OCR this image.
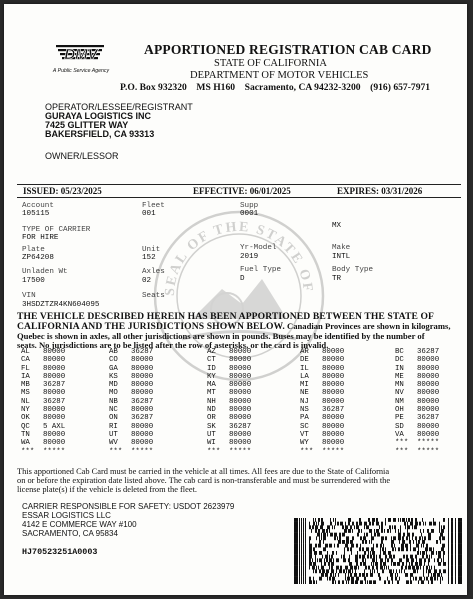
DMV
A Public Service Agency
APPORTIONED REGISTRATION CAB CARD
STATE OF CALIFORNIA
DEPARTMENT OF MOTOR VEHICLES
P.O. Box 932320    MS H160    Sacramento, CA 94232-3200    (916) 657-7971
OPERATOR/LESSEE/REGISTRANT
GURAYA LOGISTICS INC
7425 GLITTER WAY
BAKERSFIELD, CA 93313
OWNER/LESSOR
ISSUED: 05/23/2025	EFFECTIVE: 06/01/2025	EXPIRES: 03/31/2026
SEAL OF THE STATE OF
Account
105115
Fleet
001
Supp
0001
TYPE OF CARRIER
FOR HIRE
MX
Plate
ZP64208
Unit
152
Yr-Model
2019
Make
INTL
Unladen Wt
17500
Axles
02
Fuel Type
D
Body Type
TR
VIN
3HSDZTZR4KN604095
Seats
THE VEHICLE DESCRIBED HEREIN HAS BEEN APPORTIONED BETWEEN THE STATE OF
CALIFORNIA AND THE JURISDICTIONS SHOWN BELOW. Canadian Provinces are shown in kilograms,
Quebec is shown in axles, all other jurisdictions are shown in pounds. Buses may be identified by the number of
seats. No jurisdictions are to be listed after the row of asterisks, or the card is invalid.
AL 80000
CA 80000
FL 80000
IA 80000
MB 36287
MS 80000
NL 36287
NY 80000
OK 80000
QC 5 AXL
TN 80000
WA 80000
*** *****
AB 36287
CO 80000
GA 80000
KS 80000
MD 80000
MO 80000
NB 36287
NC 80000
ON 36287
RI 80000
UT 80000
WV 80000
*** *****
AZ 80000
CT 80000
ID 80000
KY 80000
MA 80000
MT 80000
NH 80000
ND 80000
OR 80000
SK 36287
UT 80000
WI 80000
*** *****
AR 80000
DE 80000
IL 80000
LA 80000
MI 80000
NE 80000
NJ 80000
NS 36287
PA 80000
SC 80000
VT 80000
WY 80000
*** *****
BC 36287
DC 80000
IN 80000
ME 80000
MN 80000
NV 80000
NM 80000
OH 80000
PE 36287
SD 80000
VA 80000
*** *****
*** *****
This apportioned Cab Card must be carried in the vehicle at all times. All fees are due to the State of California
on or before the expiration date listed above. The cab card is non-transferable and must be surrendered with the
license plate(s) if the vehicle is deleted from the fleet.
CARRIER RESPONSIBLE FOR SAFETY: USDOT 2623979
ESSAR LOGISTICS LLC
4142 E COMMERCE WAY #100
SACRAMENTO, CA 95834
HJ70523251A0003
